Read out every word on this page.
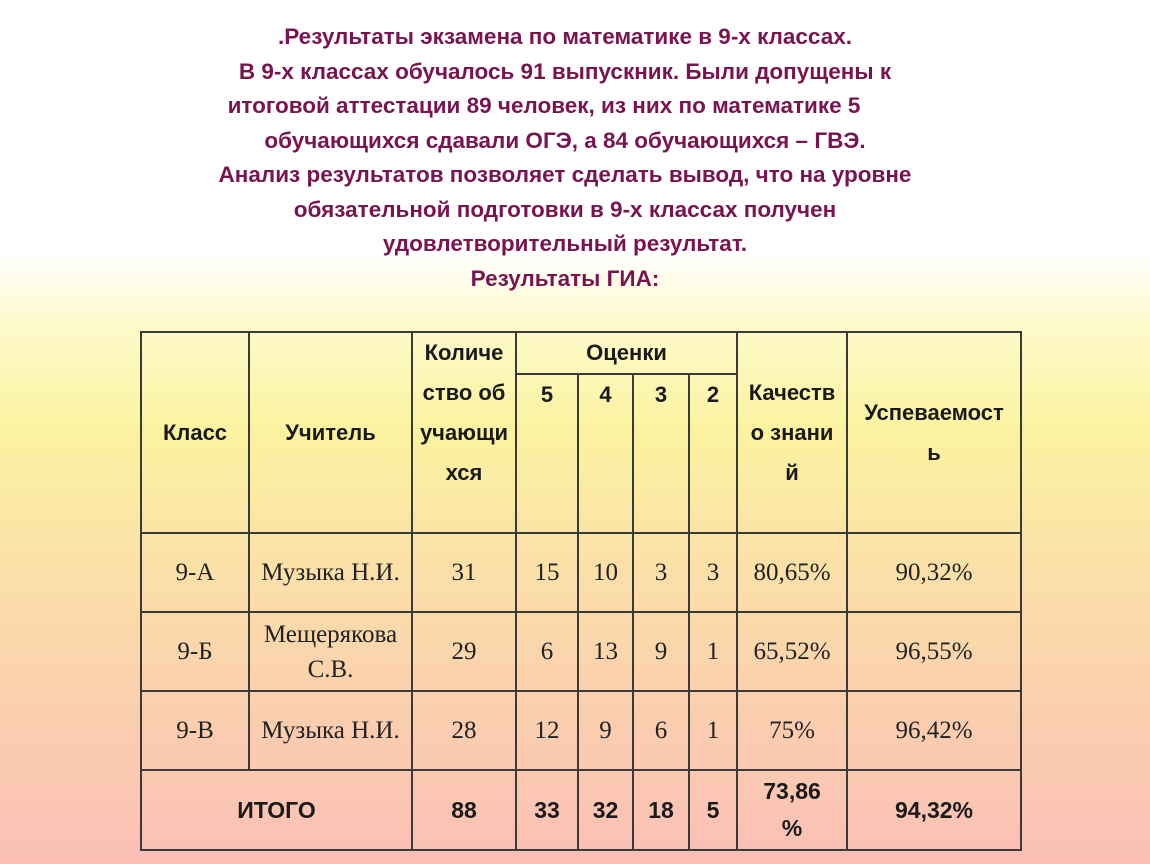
.Результаты экзамена по математике в 9-х классах.
В 9-х классах обучалось 91 выпускник. Были допущены к
итоговой аттестации 89 человек, из них по математике 5
обучающихся сдавали ОГЭ, а 84 обучающихся – ГВЭ.
Анализ результатов позволяет сделать вывод, что на уровне
обязательной подготовки в 9-х классах получен
удовлетворительный результат.
Результаты ГИА:
Класс	Учитель	Количество обучающихся	Оценки				Качество знаний	Успеваемость
			5	4	3	2		
9-А	Музыка Н.И.	31	15	10	3	3	80,65%	90,32%
9-Б	Мещерякова С.В.	29	6	13	9	1	65,52%	96,55%
9-В	Музыка Н.И.	28	12	9	6	1	75%	96,42%
ИТОГО		88	33	32	18	5	73,86 %	94,32%
